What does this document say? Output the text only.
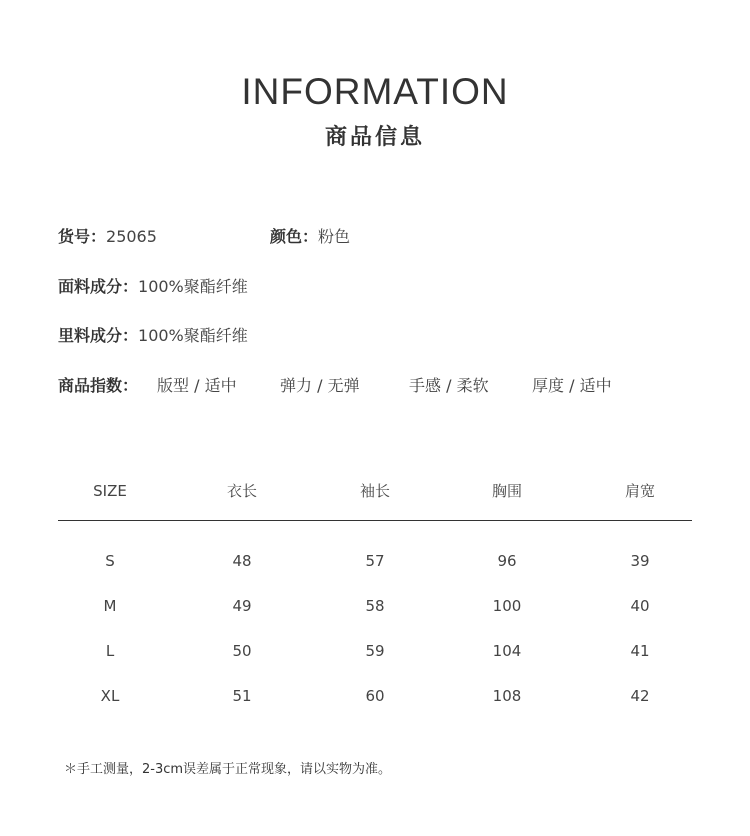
INFORMATION
商品信息
货号：25065	颜色：粉色
面料成分：100%聚酯纤维
里料成分：100%聚酯纤维
商品指数： 版型 / 适中	弹力 / 无弹	手感 / 柔软	厚度 / 适中
SIZE	衣长	袖长	胸围	肩宽
S	48	57	96	39
M	49	58	100	40
L	50	59	104	41
XL	51	60	108	42
＊手工测量，2-3cm误差属于正常现象，请以实物为准。
